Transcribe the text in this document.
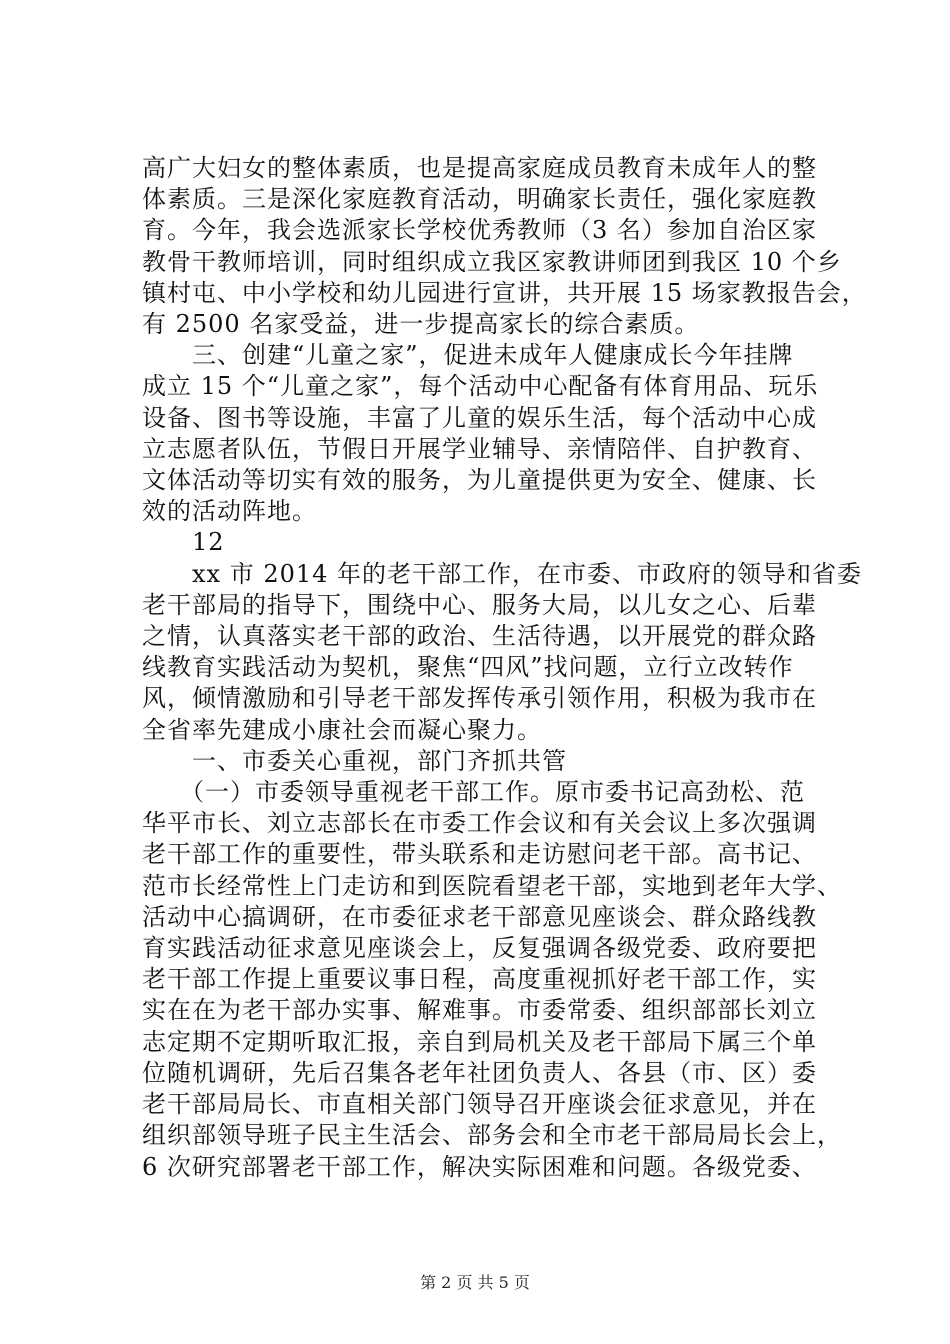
高广大妇女的整体素质，也是提高家庭成员教育未成年人的整
体素质。三是深化家庭教育活动，明确家长责任，强化家庭教
育。今年，我会选派家长学校优秀教师（3 名）参加自治区家
教骨干教师培训，同时组织成立我区家教讲师团到我区 10 个乡
镇村屯、中小学校和幼儿园进行宣讲，共开展 15 场家教报告会，
有 2500 名家受益，进一步提高家长的综合素质。
　　三、创建“儿童之家”，促进未成年人健康成长今年挂牌
成立 15 个“儿童之家”，每个活动中心配备有体育用品、玩乐
设备、图书等设施，丰富了儿童的娱乐生活，每个活动中心成
立志愿者队伍，节假日开展学业辅导、亲情陪伴、自护教育、
文体活动等切实有效的服务，为儿童提供更为安全、健康、长
效的活动阵地。
　　12
　　xx 市 2014 年的老干部工作，在市委、市政府的领导和省委
老干部局的指导下，围绕中心、服务大局，以儿女之心、后辈
之情，认真落实老干部的政治、生活待遇，以开展党的群众路
线教育实践活动为契机，聚焦“四风”找问题，立行立改转作
风，倾情激励和引导老干部发挥传承引领作用，积极为我市在
全省率先建成小康社会而凝心聚力。
　　一、市委关心重视，部门齐抓共管
　　（一）市委领导重视老干部工作。原市委书记高劲松、范
华平市长、刘立志部长在市委工作会议和有关会议上多次强调
老干部工作的重要性，带头联系和走访慰问老干部。高书记、
范市长经常性上门走访和到医院看望老干部，实地到老年大学、
活动中心搞调研，在市委征求老干部意见座谈会、群众路线教
育实践活动征求意见座谈会上，反复强调各级党委、政府要把
老干部工作提上重要议事日程，高度重视抓好老干部工作，实
实在在为老干部办实事、解难事。市委常委、组织部部长刘立
志定期不定期听取汇报，亲自到局机关及老干部局下属三个单
位随机调研，先后召集各老年社团负责人、各县（市、区）委
老干部局局长、市直相关部门领导召开座谈会征求意见，并在
组织部领导班子民主生活会、部务会和全市老干部局局长会上，
6 次研究部署老干部工作，解决实际困难和问题。各级党委、
第 2 页 共 5 页
